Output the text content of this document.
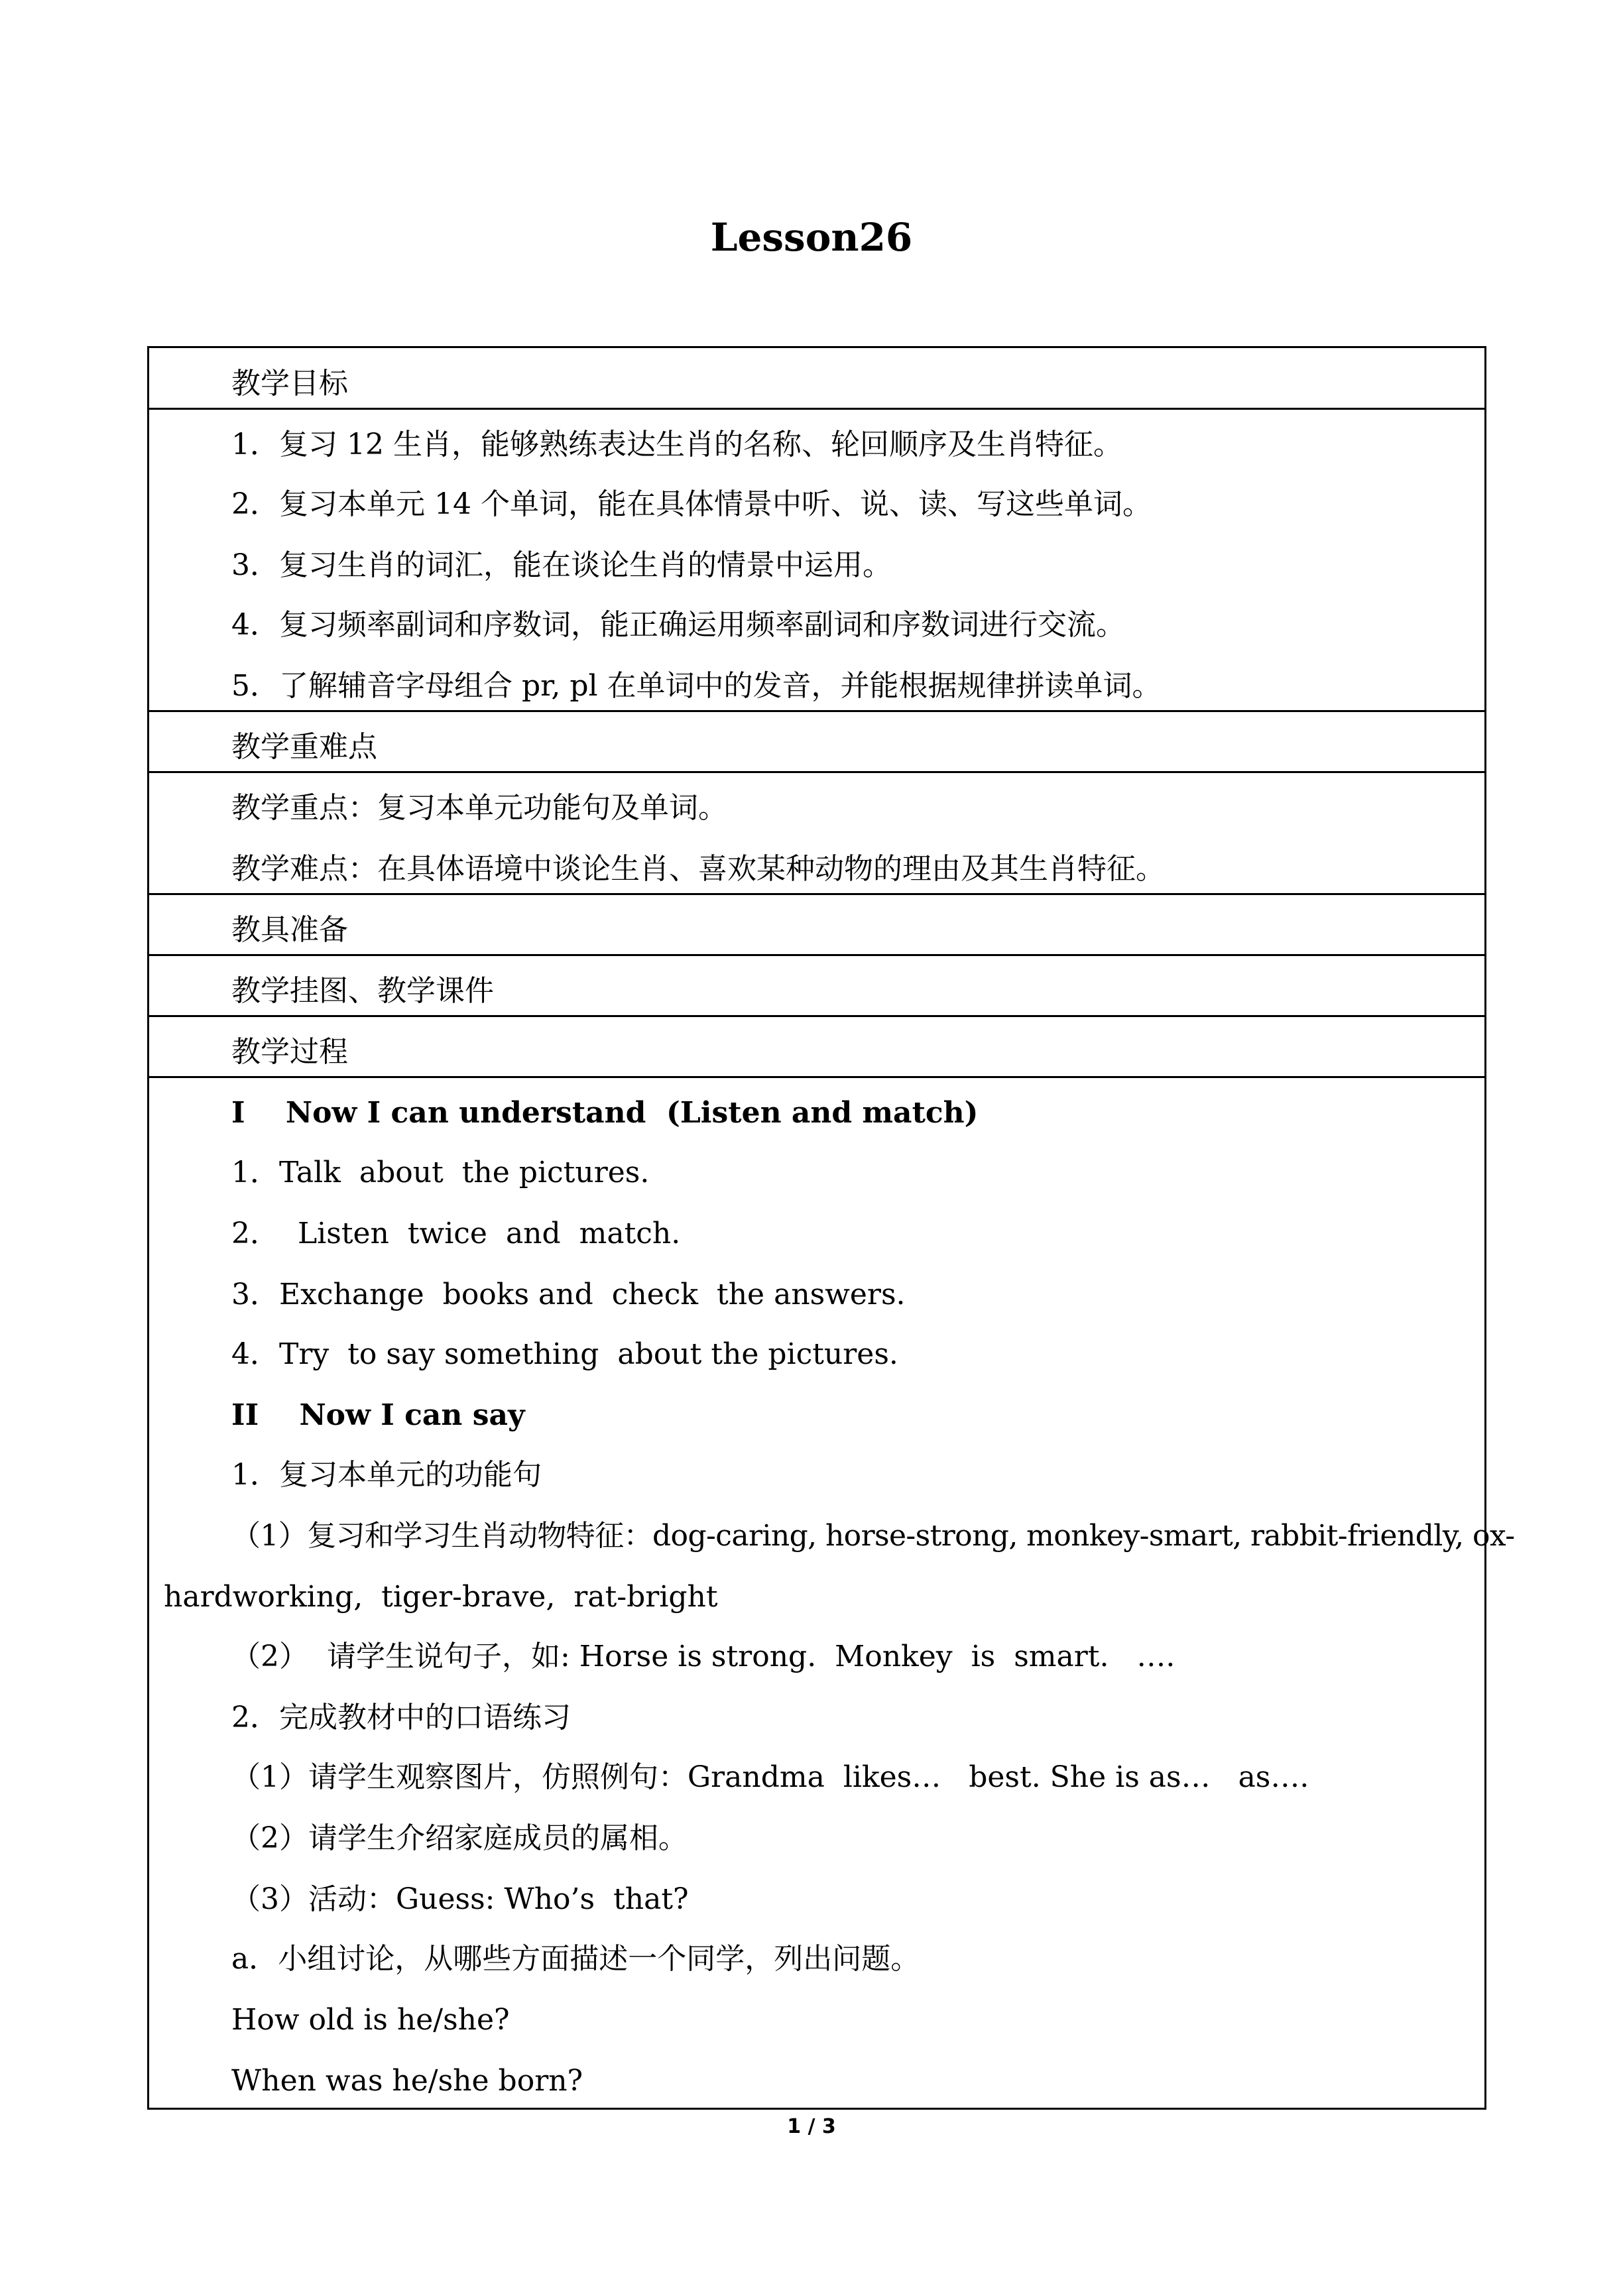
Lesson26
教学目标
1．复习 12 生肖，能够熟练表达生肖的名称、轮回顺序及生肖特征。
2．复习本单元 14 个单词，能在具体情景中听、说、读、写这些单词。
3．复习生肖的词汇，能在谈论生肖的情景中运用。
4．复习频率副词和序数词，能正确运用频率副词和序数词进行交流。
5．了解辅音字母组合 pr, pl 在单词中的发音，并能根据规律拼读单词。
教学重难点
教学重点：复习本单元功能句及单词。
教学难点：在具体语境中谈论生肖、喜欢某种动物的理由及其生肖特征。
教具准备
教学挂图、教学课件
教学过程
I    Now I can understand  (Listen and match)
1．Talk  about  the pictures.
2．  Listen  twice  and  match.
3．Exchange  books and  check  the answers.
4．Try  to say something  about the pictures.
II    Now I can say
1．复习本单元的功能句
（1）复习和学习生肖动物特征：dog-caring, horse-strong, monkey-smart, rabbit-friendly, ox-
hardworking,  tiger-brave,  rat-bright
（2）  请学生说句子，如: Horse is strong.  Monkey  is  smart.   ….
2．完成教材中的口语练习
（1）请学生观察图片，仿照例句：Grandma  likes…   best. She is as…   as….
（2）请学生介绍家庭成员的属相。
（3）活动：Guess: Who’s  that?
a．小组讨论，从哪些方面描述一个同学，列出问题。
How old is he/she?
When was he/she born?
1 / 3
